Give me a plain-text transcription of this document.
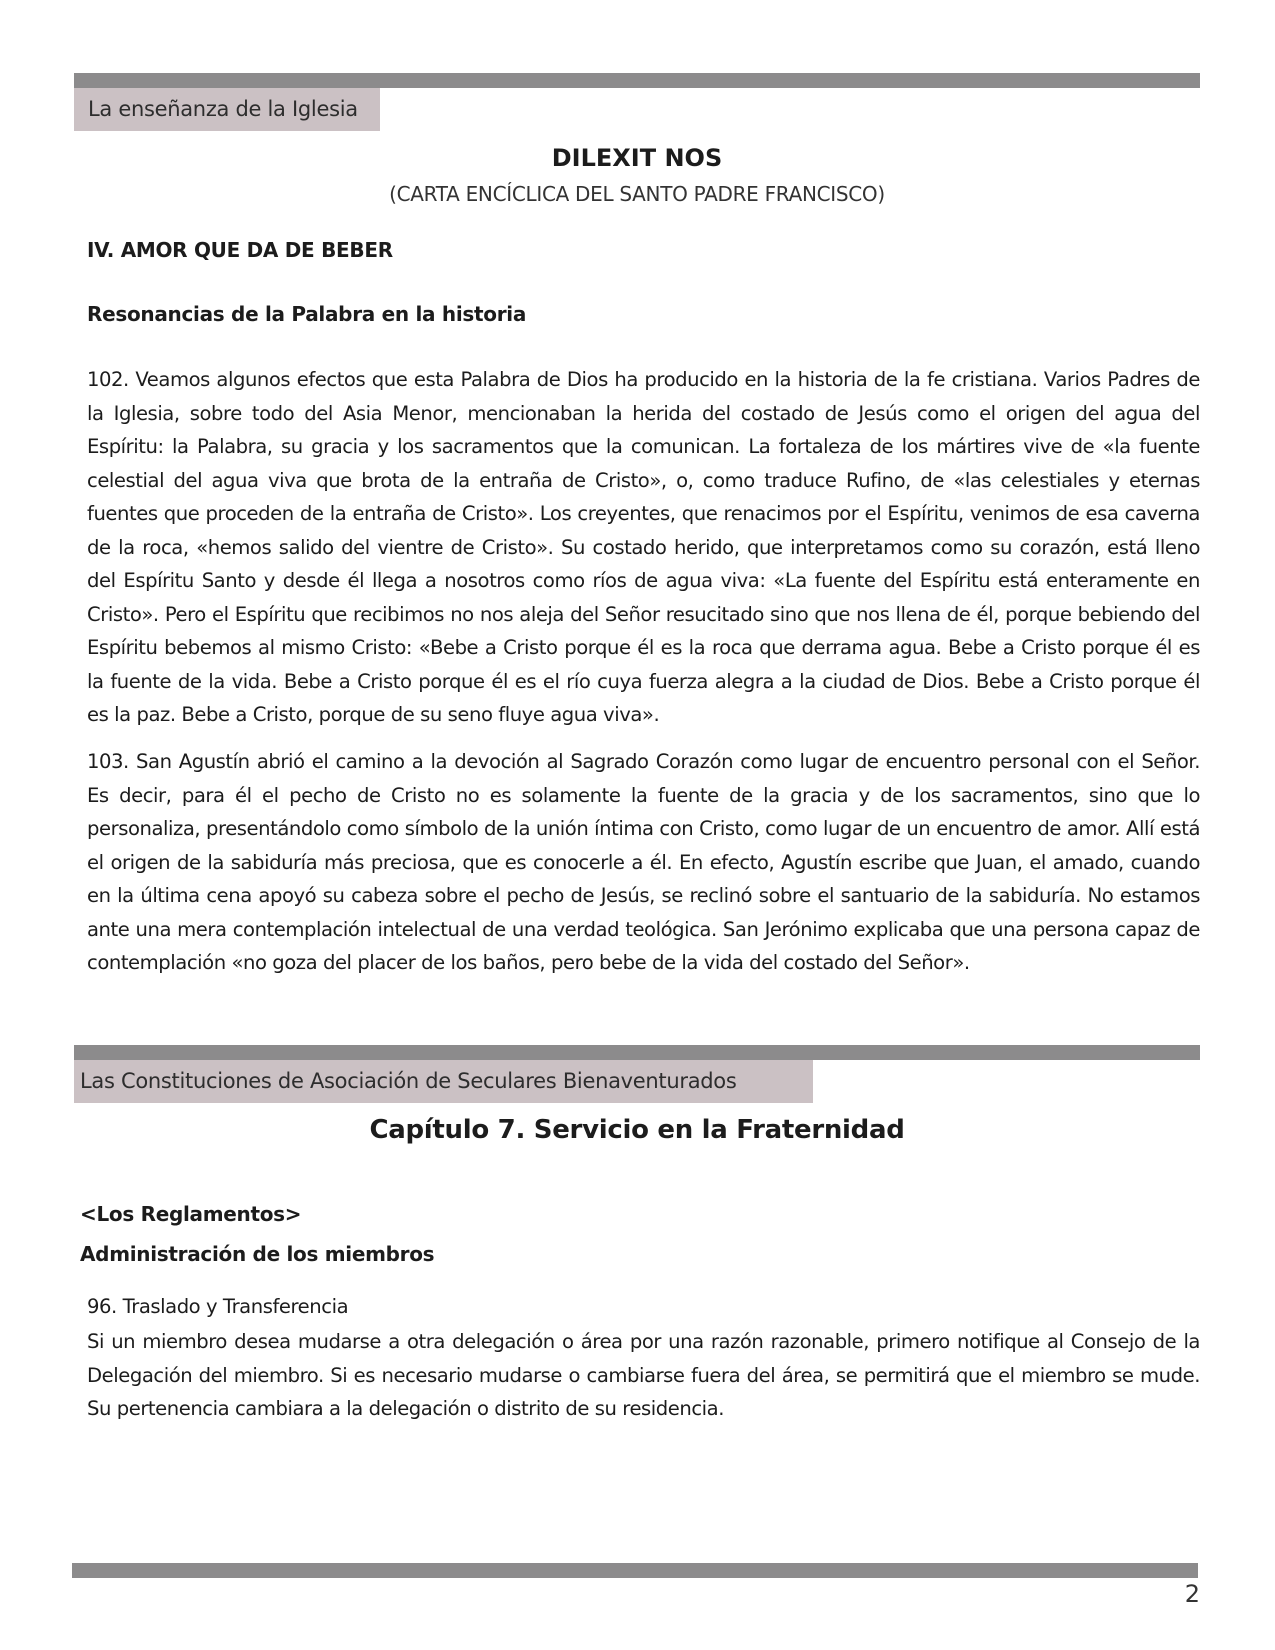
La enseñanza de la Iglesia
DILEXIT NOS
(CARTA ENCÍCLICA DEL SANTO PADRE FRANCISCO)
IV. AMOR QUE DA DE BEBER
Resonancias de la Palabra en la historia

102. Veamos algunos efectos que esta Palabra de Dios ha producido en la historia de la fe cristiana. Varios Padres de la Iglesia, sobre todo del Asia Menor, mencionaban la herida del costado de Jesús como el origen del agua del Espíritu: la Palabra, su gracia y los sacramentos que la comunican. La fortaleza de los mártires vive de «la fuente celestial del agua viva que brota de la entraña de Cristo», o, como traduce Rufino, de «las celestiales y eternas fuentes que proceden de la entraña de Cristo». Los creyentes, que renacimos por el Espíritu, venimos de esa caverna de la roca, «hemos salido del vientre de Cristo». Su costado herido, que interpretamos como su corazón, está lleno del Espíritu Santo y desde él llega a nosotros como ríos de agua viva: «La fuente del Espíritu está enteramente en Cristo». Pero el Espíritu que recibimos no nos aleja del Señor resucitado sino que nos llena de él, porque bebiendo del Espíritu bebemos al mismo Cristo: «Bebe a Cristo porque él es la roca que derrama agua. Bebe a Cristo porque él es la fuente de la vida. Bebe a Cristo porque él es el río cuya fuerza alegra a la ciudad de Dios. Bebe a Cristo porque él es la paz. Bebe a Cristo, porque de su seno fluye agua viva».

103. San Agustín abrió el camino a la devoción al Sagrado Corazón como lugar de encuentro personal con el Señor. Es decir, para él el pecho de Cristo no es solamente la fuente de la gracia y de los sacramentos, sino que lo personaliza, presentándolo como símbolo de la unión íntima con Cristo, como lugar de un encuentro de amor. Allí está el origen de la sabiduría más preciosa, que es conocerle a él. En efecto, Agustín escribe que Juan, el amado, cuando en la última cena apoyó su cabeza sobre el pecho de Jesús, se reclinó sobre el santuario de la sabiduría. No estamos ante una mera contemplación intelectual de una verdad teológica. San Jerónimo explicaba que una persona capaz de contemplación «no goza del placer de los baños, pero bebe de la vida del costado del Señor».

Las Constituciones de Asociación de Seculares Bienaventurados
Capítulo 7. Servicio en la Fraternidad
<Los Reglamentos>
Administración de los miembros
96. Traslado y Transferencia

Si un miembro desea mudarse a otra delegación o área por una razón razonable, primero notifique al Consejo de la Delegación del miembro. Si es necesario mudarse o cambiarse fuera del área, se permitirá que el miembro se mude. Su pertenencia cambiara a la delegación o distrito de su residencia.

2
